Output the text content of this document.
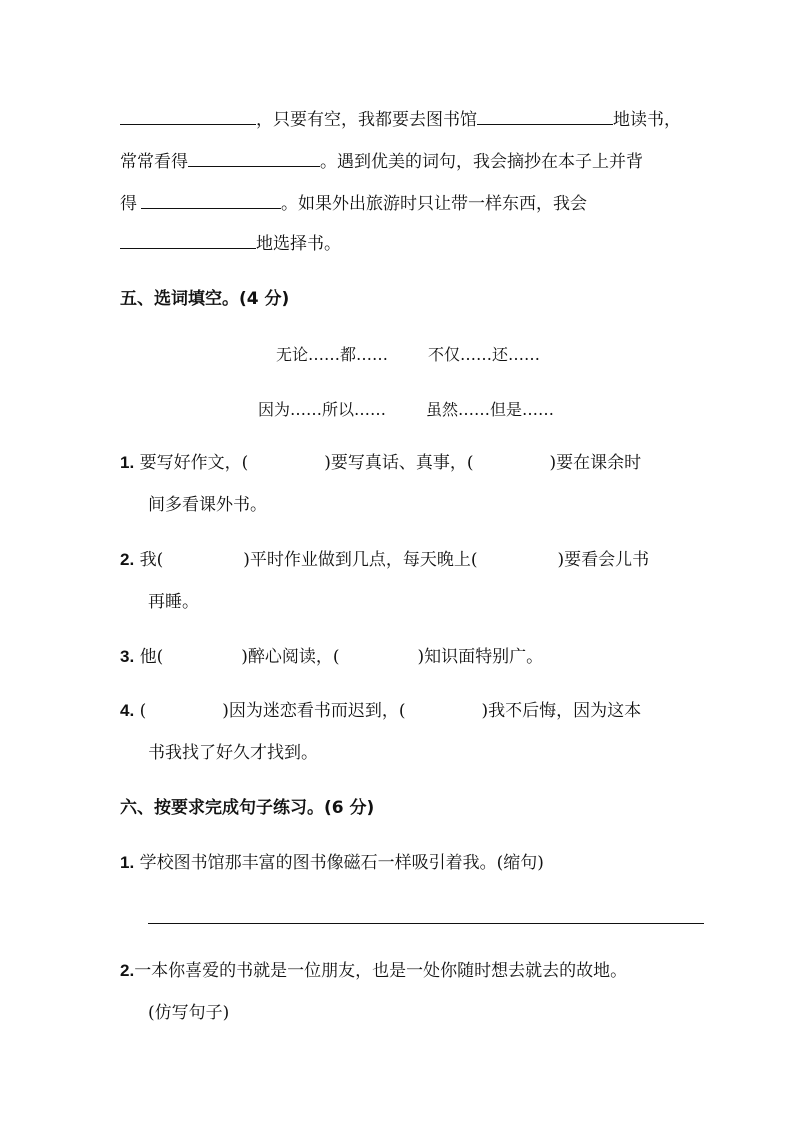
，只要有空，我都要去图书馆	地读书，
常常看得	。遇到优美的词句，我会摘抄在本子上并背
得	。如果外出旅游时只让带一样东西，我会
地选择书。
五、选词填空。(4 分)
无论……都…… 不仅……还……
因为……所以…… 虽然……但是……
1. 要写好作文，(	)要写真话、真事，(	)要在课余时
间多看课外书。
2. 我(	)平时作业做到几点，每天晚上(	)要看会儿书
再睡。
3. 他(	)醉心阅读，(	)知识面特别广。
4. (	)因为迷恋看书而迟到，(	)我不后悔，因为这本
书我找了好久才找到。
六、按要求完成句子练习。(6 分)
1. 学校图书馆那丰富的图书像磁石一样吸引着我。(缩句)
2.一本你喜爱的书就是一位朋友，也是一处你随时想去就去的故地。
(仿写句子)
